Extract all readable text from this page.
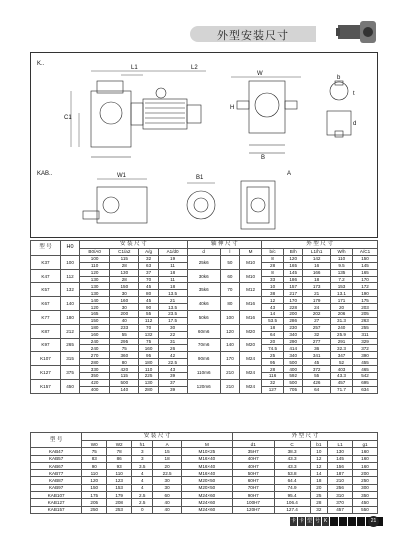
外型安装尺寸
K..
KAB..
L1	L2
C1
H
W
B
b
t
d
W1	B1
A
型 号	H0	安 装 尺 寸				轴 伸 尺 寸			外 型 尺 寸				
		B0/A0	C1/a2	A/g	A1/d0	d	l	M	b/c	B/h	L1/h1	W/h	A/C1
K37	100	100	115	32	19	25k6	50	M10	8	120	142	110	150
		110	28	63	11				28	165	16	9.5	145
K47	112	120	130	37	18	30k6	60	M10	8	145	166	135	165
		130	28	70	11				33	186	18	7.2	170
K57	132	130	150	45	18	35k6	70	M12	10	157	173	153	172
		130	30	80	13.5				38	217	21	13.1	190
K67	140	140	160	45	21	40k6	80	M16	12	170	179	171	175
		120	30	90	13.5				43	228	24	20	203
K77	180	165	200	55	23.5	50k6	100	M16	14	200	202	206	205
		150	40	112	17.5				53.5	286	27	31.3	263
K87	212	180	233	70	30	60m6	120	M20	18	230	257	240	255
		160	55	132	22				64	340	32	25.9	311
K97	265	240	295	75	31	70m6	140	M20	20	290	277	291	329
		240	75	160	26				74.5	414	36	32.3	372
K107	315	270	360	95	42	90m6	170	M24	25	340	341	347	390
		280	80	180	22.5				95	500	45	52	455
K127	375	330	420	110	43	110m6	210	M24	28	400	372	403	465
		350	115	225	39				116	592	55	43.3	542
K157	450	420	500	130	37	120m6	210	M24	32	500	426	457	695
		400	140	280	39				127	705	64	71.7	634
型 号	安 装 尺 寸					外 型 尺 寸				
	W0	W2	h1	A	M	d1	C	b1	L1	g1
KAB47	75	78	3	15	M10×25	35H7	38.3	10	130	160
KAB57	83	86	3	18	M16×40	40H7	43.3	12	145	160
KAB67	90	93	3.5	20	M16×40	40H7	43.3	12	156	160
KAB77	110	110	4	22.5	M16×40	50H7	53.8	14	187	200
KAB87	120	123	4	30	M20×50	60H7	64.4	18	210	250
KAB97	150	153	4	30	M20×50	70H7	74.9	20	256	300
KAB107	175	179	2.5	60	M24×60	90H7	95.4	25	310	350
KAB127	205	208	2.5	40	M24×60	100H7	106.4	28	370	450
KAB157	250	253	0	40	M24×60	120H7	127.4	32	457	550
卡 卡 型 号 K	21
